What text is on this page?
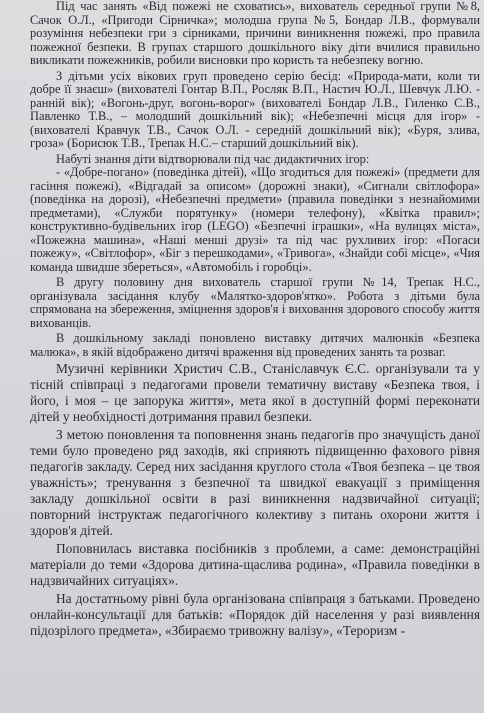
Під час занять «Від пожежі не сховатись», вихователь середньої групи №8, Сачок О.Л., «Пригоди Сірничка»; молодша група №5, Бондар Л.В., формували розуміння небезпеки гри з сірниками, причини виникнення пожежі, про правила пожежної безпеки. В групах старшого дошкільного віку діти вчилися правильно викликати пожежників, робили висновки про користь та небезпеку вогню.

З дітьми усіх вікових груп проведено серію бесід: «Природа-мати, коли ти добре її знаєш» (вихователі Гонтар В.П., Росляк В.П., Настич Ю.Л., Шевчук Л.Ю. - ранній вік); «Вогонь-друг, вогонь-ворог» (вихователі Бондар Л.В., Гиленко С.В., Павленко Т.В., – молодший дошкільний вік); «Небезпечні місця для ігор» - (вихователі Кравчук Т.В., Сачок О.Л. - середній дошкільний вік); «Буря, злива, гроза» (Борисюк Т.В., Трепак Н.С.– старший дошкільний вік).

Набуті знання діти відтворювали під час дидактичних ігор:

- «Добре-погано» (поведінка дітей), «Що згодиться для пожежі» (предмети для гасіння пожежі), «Відгадай за описом» (дорожні знаки), «Сигнали світлофора» (поведінка на дорозі), «Небезпечні предмети» (правила поведінки з незнайомими предметами), «Служби порятунку» (номери телефону), «Квітка правил»; конструктивно-будівельних ігор (LEGO) «Безпечні іграшки», «На вулицях міста», «Пожежна машина», «Наші менші друзі» та під час рухливих ігор: «Погаси пожежу», «Світлофор», «Біг з перешкодами», «Тривога», «Знайди собі місце», «Чия команда швидше збереться», «Автомобіль і горобці».

В другу половину дня вихователь старшої групи №14, Трепак Н.С., організувала засідання клубу «Малятко-здоров'ятко». Робота з дітьми була спрямована на збереження, зміцнення здоров'я і виховання здорового способу життя вихованців.

В дошкільному закладі поновлено виставку дитячих малюнків «Безпека малюка», в якій відображено дитячі враження від проведених занять та розваг.

Музичні керівники Христич С.В., Станіславчук Є.С. організували та у тісній співпраці з педагогами провели тематичну виставу «Безпека твоя, і його, і моя – це запорука життя», мета якої в доступній формі переконати дітей у необхідності дотримання правил безпеки.

З метою поновлення та поповнення знань педагогів про значущість даної теми було проведено ряд заходів, які сприяють підвищенню фахового рівня педагогів закладу. Серед них засідання круглого стола «Твоя безпека – це твоя уважність»; тренування з безпечної та швидкої евакуації з приміщення закладу дошкільної освіти в разі виникнення надзвичайної ситуації; повторний інструктаж педагогічного колективу з питань охорони життя і здоров'я дітей.

Поповнилась виставка посібників з проблеми, а саме: демонстраційні матеріали до теми «Здорова дитина-щаслива родина», «Правила поведінки в надзвичайних ситуаціях».

На достатньому рівні була організована співпраця з батьками. Проведено онлайн-консультації для батьків: «Порядок дій населення у разі виявлення підозрілого предмета», «Збираємо тривожну валізу», «Тероризм -
